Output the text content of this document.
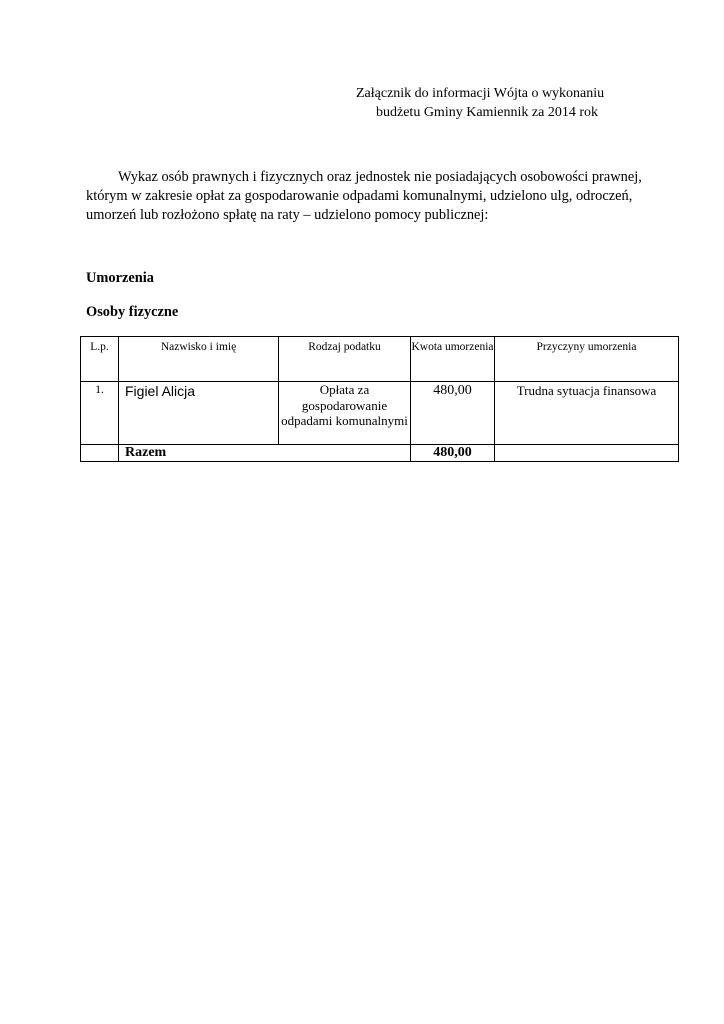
Załącznik do informacji Wójta o wykonaniu
budżetu Gminy Kamiennik za 2014 rok

Wykaz osób prawnych i fizycznych oraz jednostek nie posiadających osobowości prawnej, którym w zakresie opłat za gospodarowanie odpadami komunalnymi, udzielono ulg, odroczeń, umorzeń lub rozłożono spłatę na raty – udzielono pomocy publicznej:

Umorzenia
Osoby fizyczne
L.p.	Nazwisko i imię	Rodzaj podatku	Kwota umorzenia	Przyczyny umorzenia
1.	Figiel Alicja	Opłata za gospodarowanie odpadami komunalnymi	480,00	Trudna sytuacja finansowa
	Razem		480,00	
